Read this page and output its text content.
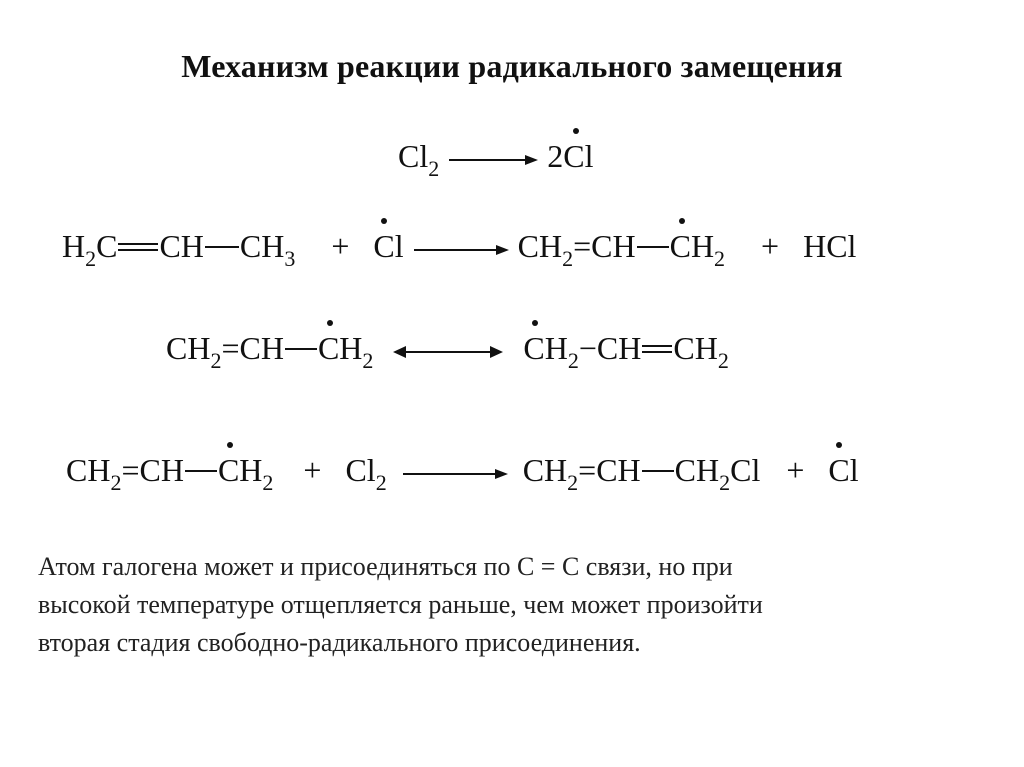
Механизм реакции радикального замещения
$Cl_2 \to 2Cl$
$H_2C$ CH $CH_3 + Cl \to CH_2=CH$ $CH_2$ + HCl
$CH_2=CH$ $CH_2$	$CH_2$
−CH $CH_2$
$CH_2=CH$ $CH_2 + Cl_2 \to CH_2=CH$ $CH_2Cl + Cl$

Атом галогена может и присоединяться по C = C связи, но при

высокой температуре отщепляется раньше, чем может произойти

вторая стадия свободно-радикального присоединения.
